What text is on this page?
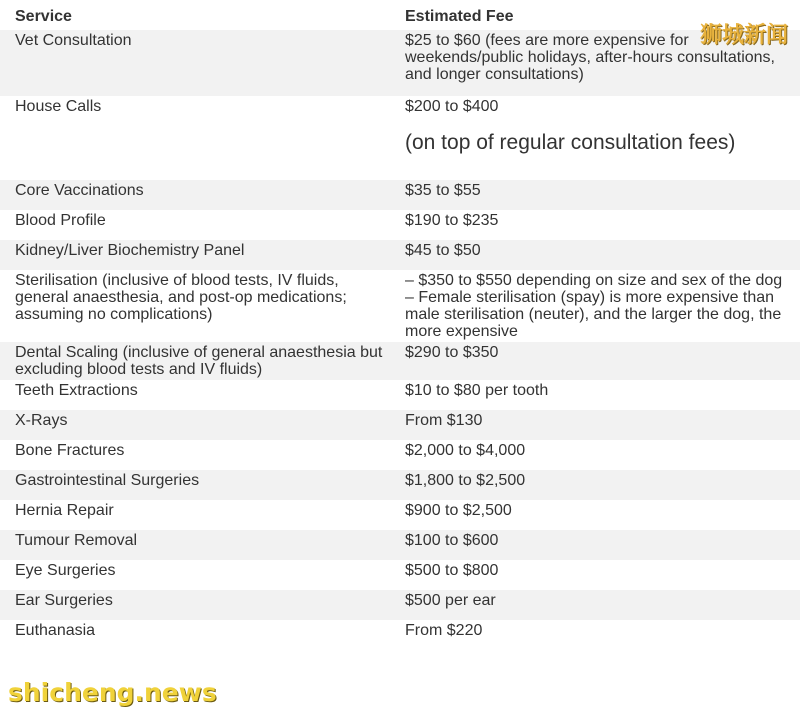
Service	Estimated Fee
Vet Consultation	$25 to $60 (fees are more expensive for weekends/public holidays, after-hours consultations, and longer consultations)
House Calls	$200 to $400
(on top of regular consultation fees)

Core Vaccinations	$35 to $55
Blood Profile	$190 to $235
Kidney/Liver Biochemistry Panel	$45 to $50
Sterilisation (inclusive of blood tests, IV fluids, general anaesthesia, and post-op medications; assuming no complications)	– $350 to $550 depending on size and sex of the dog
– Female sterilisation (spay) is more expensive than male sterilisation (neuter), and the larger the dog, the more expensive

Dental Scaling (inclusive of general anaesthesia but excluding blood tests and IV fluids)	$290 to $350
Teeth Extractions	$10 to $80 per tooth
X-Rays	From $130
Bone Fractures	$2,000 to $4,000
Gastrointestinal Surgeries	$1,800 to $2,500
Hernia Repair	$900 to $2,500
Tumour Removal	$100 to $600
Eye Surgeries	$500 to $800
Ear Surgeries	$500 per ear
Euthanasia	From $220
狮城新闻
shicheng.news
